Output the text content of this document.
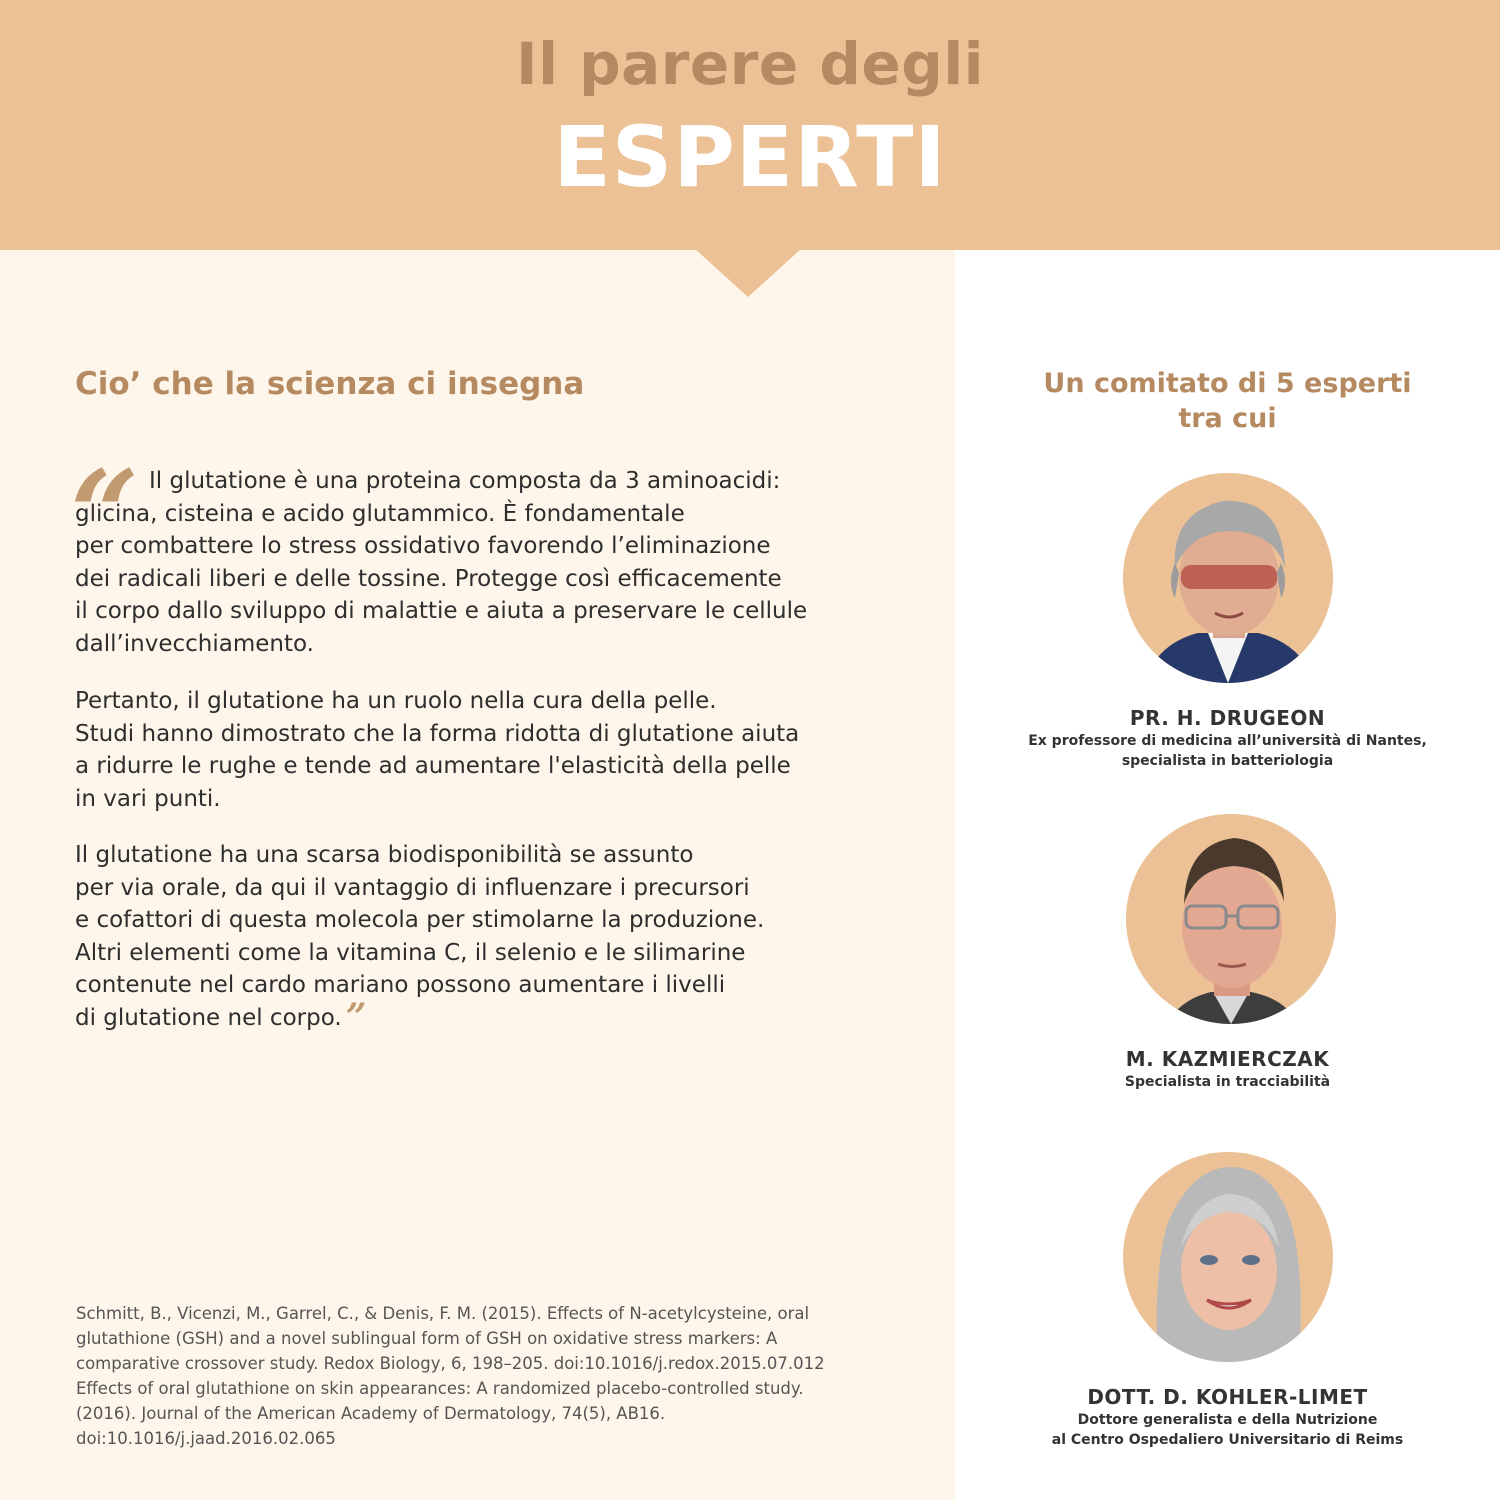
Il parere degli
ESPERTI
Cio’ che la scienza ci insegna
“ Il glutatione è una proteina composta da 3 aminoacidi:
glicina, cisteina e acido glutammico. È fondamentale
per combattere lo stress ossidativo favorendo l’eliminazione
dei radicali liberi e delle tossine. Protegge così efficacemente
il corpo dallo sviluppo di malattie e aiuta a preservare le cellule
dall’invecchiamento.

Pertanto, il glutatione ha un ruolo nella cura della pelle.
Studi hanno dimostrato che la forma ridotta di glutatione aiuta
a ridurre le rughe e tende ad aumentare l'elasticità della pelle
in vari punti.

Il glutatione ha una scarsa biodisponibilità se assunto
per via orale, da qui il vantaggio di influenzare i precursori
e cofattori di questa molecola per stimolarne la produzione.
Altri elementi come la vitamina C, il selenio e le silimarine
contenute nel cardo mariano possono aumentare i livelli
di glutatione nel corpo. ”

Schmitt, B., Vicenzi, M., Garrel, C., & Denis, F. M. (2015). Effects of N-acetylcysteine, oral
glutathione (GSH) and a novel sublingual form of GSH on oxidative stress markers: A
comparative crossover study. Redox Biology, 6, 198–205. doi:10.1016/j.redox.2015.07.012
Effects of oral glutathione on skin appearances: A randomized placebo-controlled study.
(2016). Journal of the American Academy of Dermatology, 74(5), AB16.
doi:10.1016/j.jaad.2016.02.065

Un comitato di 5 esperti
tra cui
PR. H. DRUGEON
Ex professore di medicina all’università di Nantes,
specialista in batteriologia
M. KAZMIERCZAK
Specialista in tracciabilità
DOTT. D. KOHLER-LIMET
Dottore generalista e della Nutrizione
al Centro Ospedaliero Universitario di Reims
